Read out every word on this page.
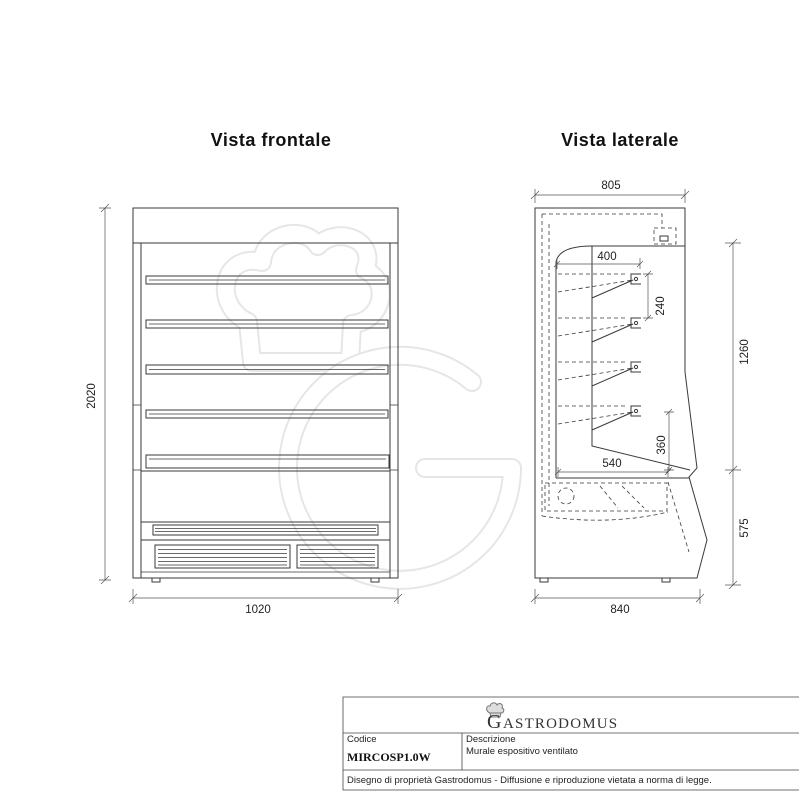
Vista frontale	Vista laterale
2020
1020
805
840
1260
575
400
240
360
540
G ASTRODOMUS
Codice
MIRCOSP1.0W
Descrizione
Murale espositivo ventilato
Disegno di proprietà Gastrodomus - Diffusione e riproduzione vietata a norma di legge.
